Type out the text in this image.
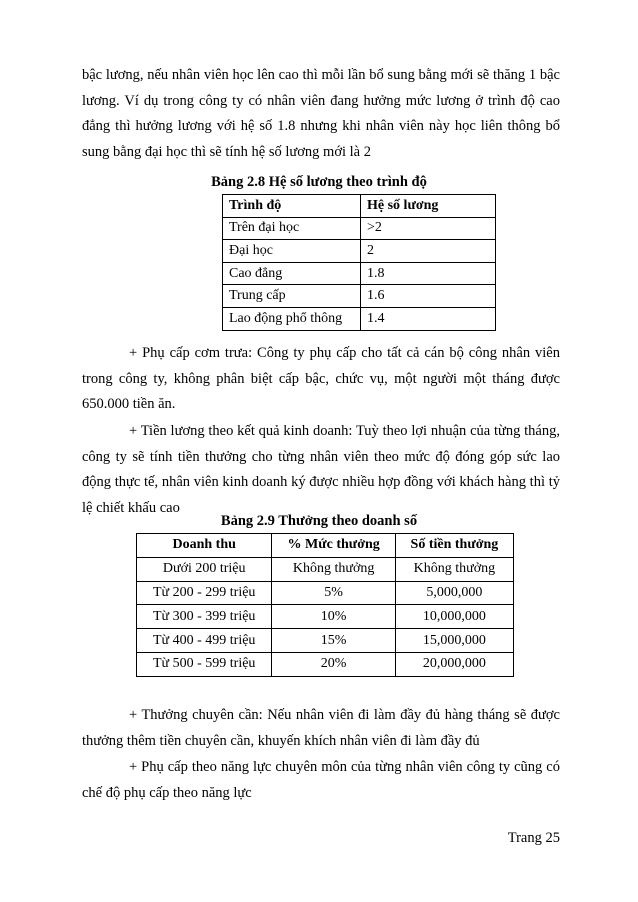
bậc lương, nếu nhân viên học lên cao thì mỗi lần bổ sung bằng mới sẽ thăng 1 bậc lương. Ví dụ trong công ty có nhân viên đang hưởng mức lương ở trình độ cao đẳng thì hưởng lương với hệ số 1.8 nhưng khi nhân viên này học liên thông bổ sung bằng đại học thì sẽ tính hệ số lương mới là 2

Bảng 2.8 Hệ số lương theo trình độ

Trình độ	Hệ số lương
Trên đại học	>2
Đại học	2
Cao đẳng	1.8
Trung cấp	1.6
Lao động phổ thông	1.4

+ Phụ cấp cơm trưa: Công ty phụ cấp cho tất cả cán bộ công nhân viên trong công ty, không phân biệt cấp bậc, chức vụ, một người một tháng được 650.000 tiền ăn.

+ Tiền lương theo kết quả kinh doanh: Tuỳ theo lợi nhuận của từng tháng, công ty sẽ tính tiền thưởng cho từng nhân viên theo mức độ đóng góp sức lao động thực tế, nhân viên kinh doanh ký được nhiều hợp đồng với khách hàng thì tỷ lệ chiết khấu cao

Bảng 2.9 Thưởng theo doanh số

Doanh thu	% Mức thưởng	Số tiền thưởng
Dưới 200 triệu	Không thưởng	Không thưởng
Từ 200 - 299 triệu	5%	5,000,000
Từ 300 - 399 triệu	10%	10,000,000
Từ 400 - 499 triệu	15%	15,000,000
Từ 500 - 599 triệu	20%	20,000,000

+ Thưởng chuyên cần: Nếu nhân viên đi làm đầy đủ hàng tháng sẽ được thưởng thêm tiền chuyên cần, khuyến khích nhân viên đi làm đầy đủ

+ Phụ cấp theo năng lực chuyên môn của từng nhân viên công ty cũng có chế độ phụ cấp theo năng lực

Trang 25
